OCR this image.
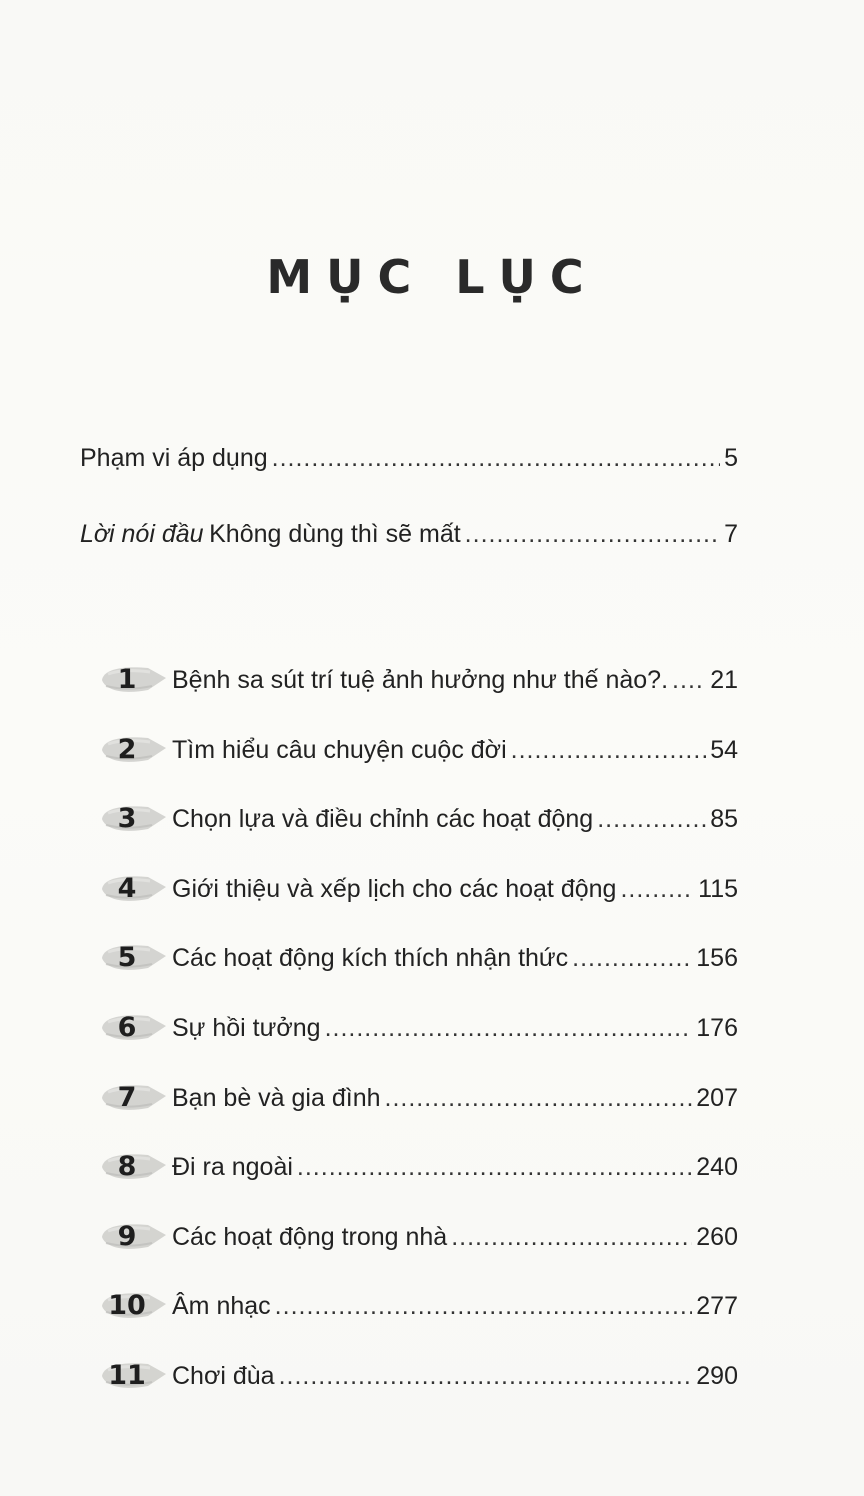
MỤC LỤC
Phạm vi áp dụng .....	5
Lời nói đầu Không dùng thì sẽ mất .....	7
1	Bệnh sa sút trí tuệ ảnh hưởng như thế nào?. ..... 21
2	Tìm hiểu câu chuyện cuộc đời .....	54
3	Chọn lựa và điều chỉnh các hoạt động .....	85
4	Giới thiệu và xếp lịch cho các hoạt động .....	115
5	Các hoạt động kích thích nhận thức .....	156
6	Sự hồi tưởng .....	176
7	Bạn bè và gia đình .....	207
8	Đi ra ngoài .....	240
9	Các hoạt động trong nhà .....	260
10	Âm nhạc .....	277
11	Chơi đùa .....	290
